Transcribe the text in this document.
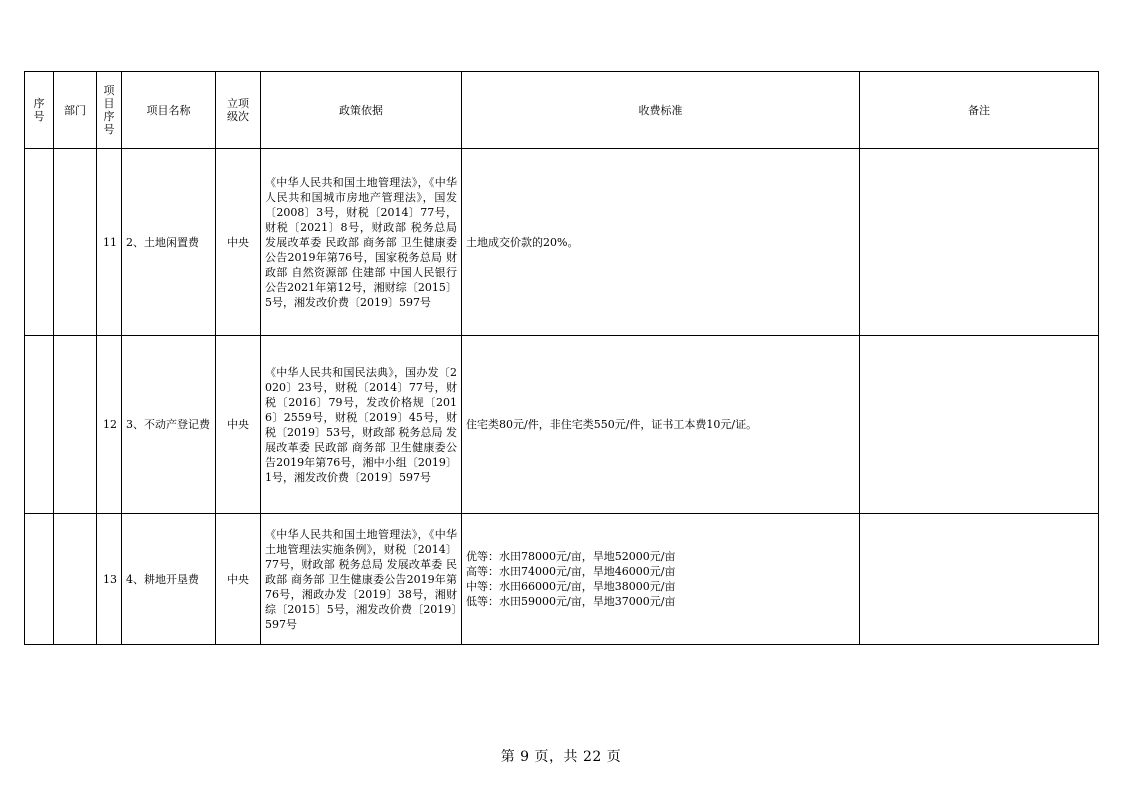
序号	部门	项目序号	项目名称	立项级次	政策依据	收费标准	备注
		11	2、土地闲置费	中央	《中华人民共和国土地管理法》，《中华人民共和国城市房地产管理法》，国发〔2008〕3号，财税〔2014〕77号，财税〔2021〕8号，财政部 税务总局 发展改革委 民政部 商务部 卫生健康委公告2019年第76号，国家税务总局 财政部 自然资源部 住建部 中国人民银行公告2021年第12号，湘财综〔2015〕5号，湘发改价费〔2019〕597号	土地成交价款的20%。	

		12	3、不动产登记费	中央	《中华人民共和国民法典》，国办发〔2020〕23号，财税〔2014〕77号，财税〔2016〕79号，发改价格规〔2016〕2559号，财税〔2019〕45号，财税〔2019〕53号，财政部 税务总局 发展改革委 民政部 商务部 卫生健康委公告2019年第76号，湘中小组〔2019〕1号，湘发改价费〔2019〕597号	住宅类80元/件，非住宅类550元/件，证书工本费10元/证。	

		13	4、耕地开垦费	中央	《中华人民共和国土地管理法》，《中华土地管理法实施条例》，财税〔2014〕77号，财政部 税务总局 发展改革委 民政部 商务部 卫生健康委公告2019年第76号，湘政办发〔2019〕38号，湘财综〔2015〕5号，湘发改价费〔2019〕597号	优等：水田78000元/亩，旱地52000元/亩
高等：水田74000元/亩，旱地46000元/亩
中等：水田66000元/亩，旱地38000元/亩
低等：水田59000元/亩，旱地37000元/亩	

第 9 页，共 22 页
